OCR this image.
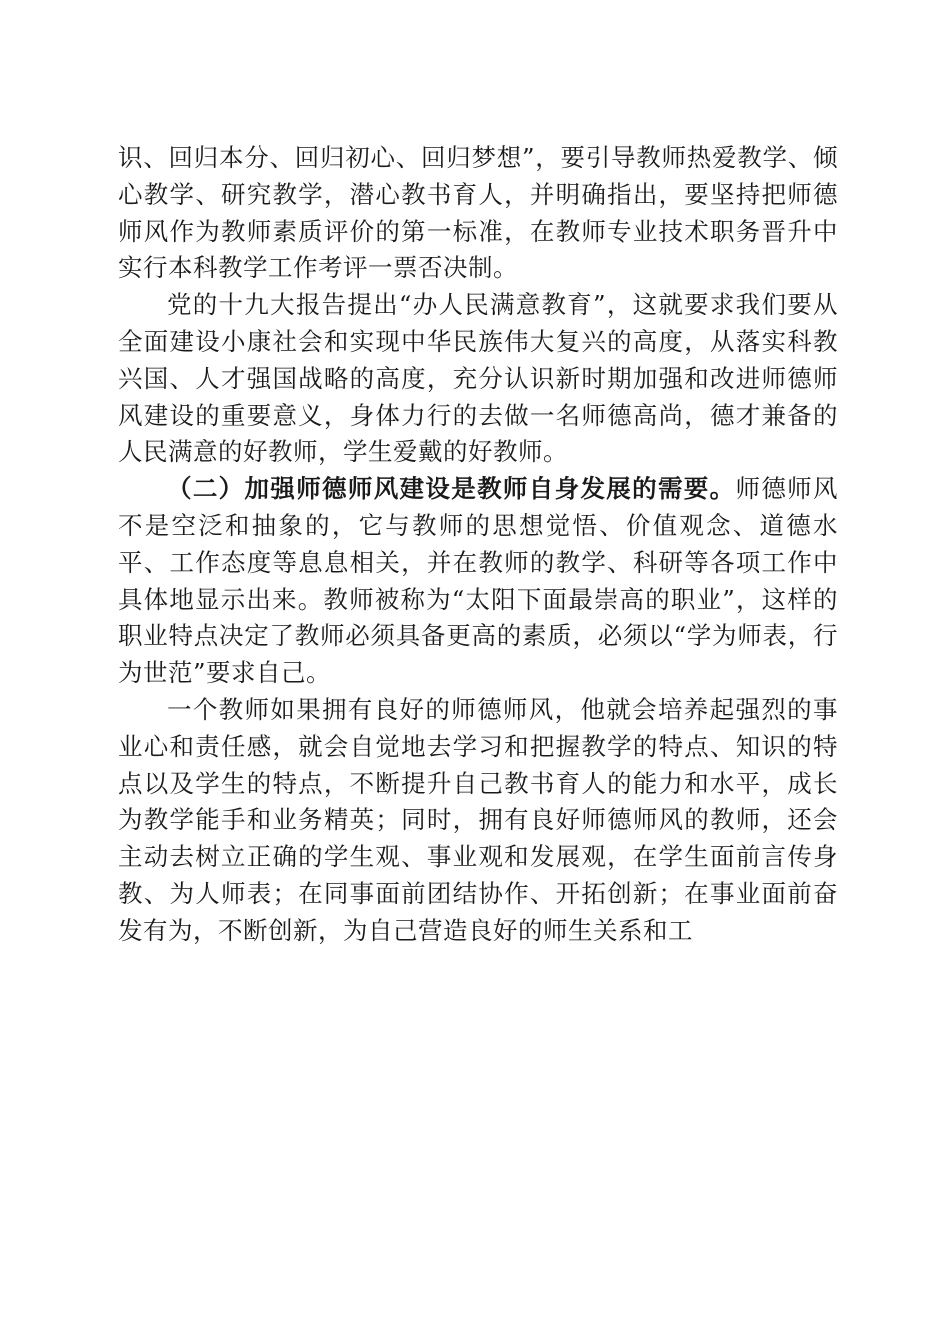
识、回归本分、回归初心、回归梦想”，要引导教师热爱教学、倾心教学、研究教学，潜心教书育人，并明确指出，要坚持把师德师风作为教师素质评价的第一标准，在教师专业技术职务晋升中实行本科教学工作考评一票否决制。

党的十九大报告提出“办人民满意教育”，这就要求我们要从全面建设小康社会和实现中华民族伟大复兴的高度，从落实科教兴国、人才强国战略的高度，充分认识新时期加强和改进师德师风建设的重要意义，身体力行的去做一名师德高尚，德才兼备的人民满意的好教师，学生爱戴的好教师。

（二）加强师德师风建设是教师自身发展的需要。师德师风不是空泛和抽象的，它与教师的思想觉悟、价值观念、道德水平、工作态度等息息相关，并在教师的教学、科研等各项工作中具体地显示出来。教师被称为“太阳下面最崇高的职业”，这样的职业特点决定了教师必须具备更高的素质，必须以“学为师表，行为世范”要求自己。

一个教师如果拥有良好的师德师风，他就会培养起强烈的事业心和责任感，就会自觉地去学习和把握教学的特点、知识的特点以及学生的特点，不断提升自己教书育人的能力和水平，成长为教学能手和业务精英；同时，拥有良好师德师风的教师，还会主动去树立正确的学生观、事业观和发展观，在学生面前言传身教、为人师表；在同事面前团结协作、开拓创新；在事业面前奋发有为，不断创新，为自己营造良好的师生关系和工
